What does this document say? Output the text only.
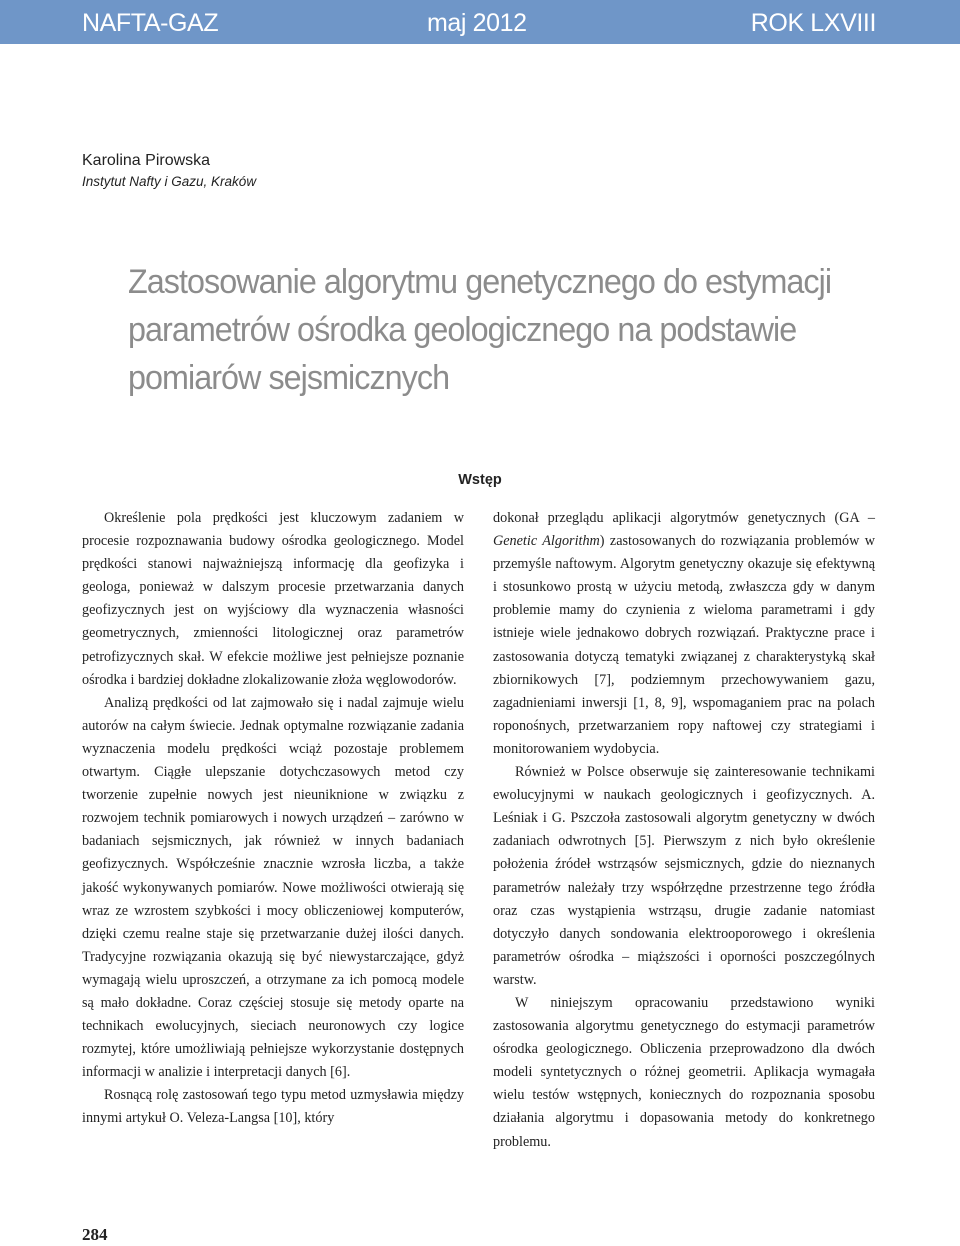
NAFTA-GAZ	maj 2012	ROK LXVIII
Karolina Pirowska
Instytut Nafty i Gazu, Kraków
Zastosowanie algorytmu genetycznego do estymacji parametrów ośrodka geologicznego na podstawie pomiarów sejsmicznych
Wstęp

Określenie pola prędkości jest kluczowym zadaniem w procesie rozpoznawania budowy ośrodka geologicznego. Model prędkości stanowi najważniejszą informację dla geofizyka i geologa, ponieważ w dalszym procesie przetwarzania danych geofizycznych jest on wyjściowy dla wyznaczenia własności geometrycznych, zmienności litologicznej oraz parametrów petrofizycznych skał. W efekcie możliwe jest pełniejsze poznanie ośrodka i bardziej dokładne zlokalizowanie złoża węglowodorów.

Analizą prędkości od lat zajmowało się i nadal zajmuje wielu autorów na całym świecie. Jednak optymalne rozwiązanie zadania wyznaczenia modelu prędkości wciąż pozostaje problemem otwartym. Ciągłe ulepszanie dotychczasowych metod czy tworzenie zupełnie nowych jest nieuniknione w związku z rozwojem technik pomiarowych i nowych urządzeń – zarówno w badaniach sejsmicznych, jak również w innych badaniach geofizycznych. Współcześnie znacznie wzrosła liczba, a także jakość wykonywanych pomiarów. Nowe możliwości otwierają się wraz ze wzrostem szybkości i mocy obliczeniowej komputerów, dzięki czemu realne staje się przetwarzanie dużej ilości danych. Tradycyjne rozwiązania okazują się być niewystarczające, gdyż wymagają wielu uproszczeń, a otrzymane za ich pomocą modele są mało dokładne. Coraz częściej stosuje się metody oparte na technikach ewolucyjnych, sieciach neuronowych czy logice rozmytej, które umożliwiają pełniejsze wykorzystanie dostępnych informacji w analizie i interpretacji danych [6].

Rosnącą rolę zastosowań tego typu metod uzmysławia między innymi artykuł O. Veleza-Langsa [10], który

dokonał przeglądu aplikacji algorytmów genetycznych (GA – Genetic Algorithm) zastosowanych do rozwiązania problemów w przemyśle naftowym. Algorytm genetyczny okazuje się efektywną i stosunkowo prostą w użyciu metodą, zwłaszcza gdy w danym problemie mamy do czynienia z wieloma parametrami i gdy istnieje wiele jednakowo dobrych rozwiązań. Praktyczne prace i zastosowania dotyczą tematyki związanej z charakterystyką skał zbiornikowych [7], podziemnym przechowywaniem gazu, zagadnieniami inwersji [1, 8, 9], wspomaganiem prac na polach roponośnych, przetwarzaniem ropy naftowej czy strategiami i monitorowaniem wydobycia.

Również w Polsce obserwuje się zainteresowanie technikami ewolucyjnymi w naukach geologicznych i geofizycznych. A. Leśniak i G. Pszczoła zastosowali algorytm genetyczny w dwóch zadaniach odwrotnych [5]. Pierwszym z nich było określenie położenia źródeł wstrząsów sejsmicznych, gdzie do nieznanych parametrów należały trzy współrzędne przestrzenne tego źródła oraz czas wystąpienia wstrząsu, drugie zadanie natomiast dotyczyło danych sondowania elektrooporowego i określenia parametrów ośrodka – miąższości i oporności poszczególnych warstw.

W niniejszym opracowaniu przedstawiono wyniki zastosowania algorytmu genetycznego do estymacji parametrów ośrodka geologicznego. Obliczenia przeprowadzono dla dwóch modeli syntetycznych o różnej geometrii. Aplikacja wymagała wielu testów wstępnych, koniecznych do rozpoznania sposobu działania algorytmu i dopasowania metody do konkretnego problemu.

284
